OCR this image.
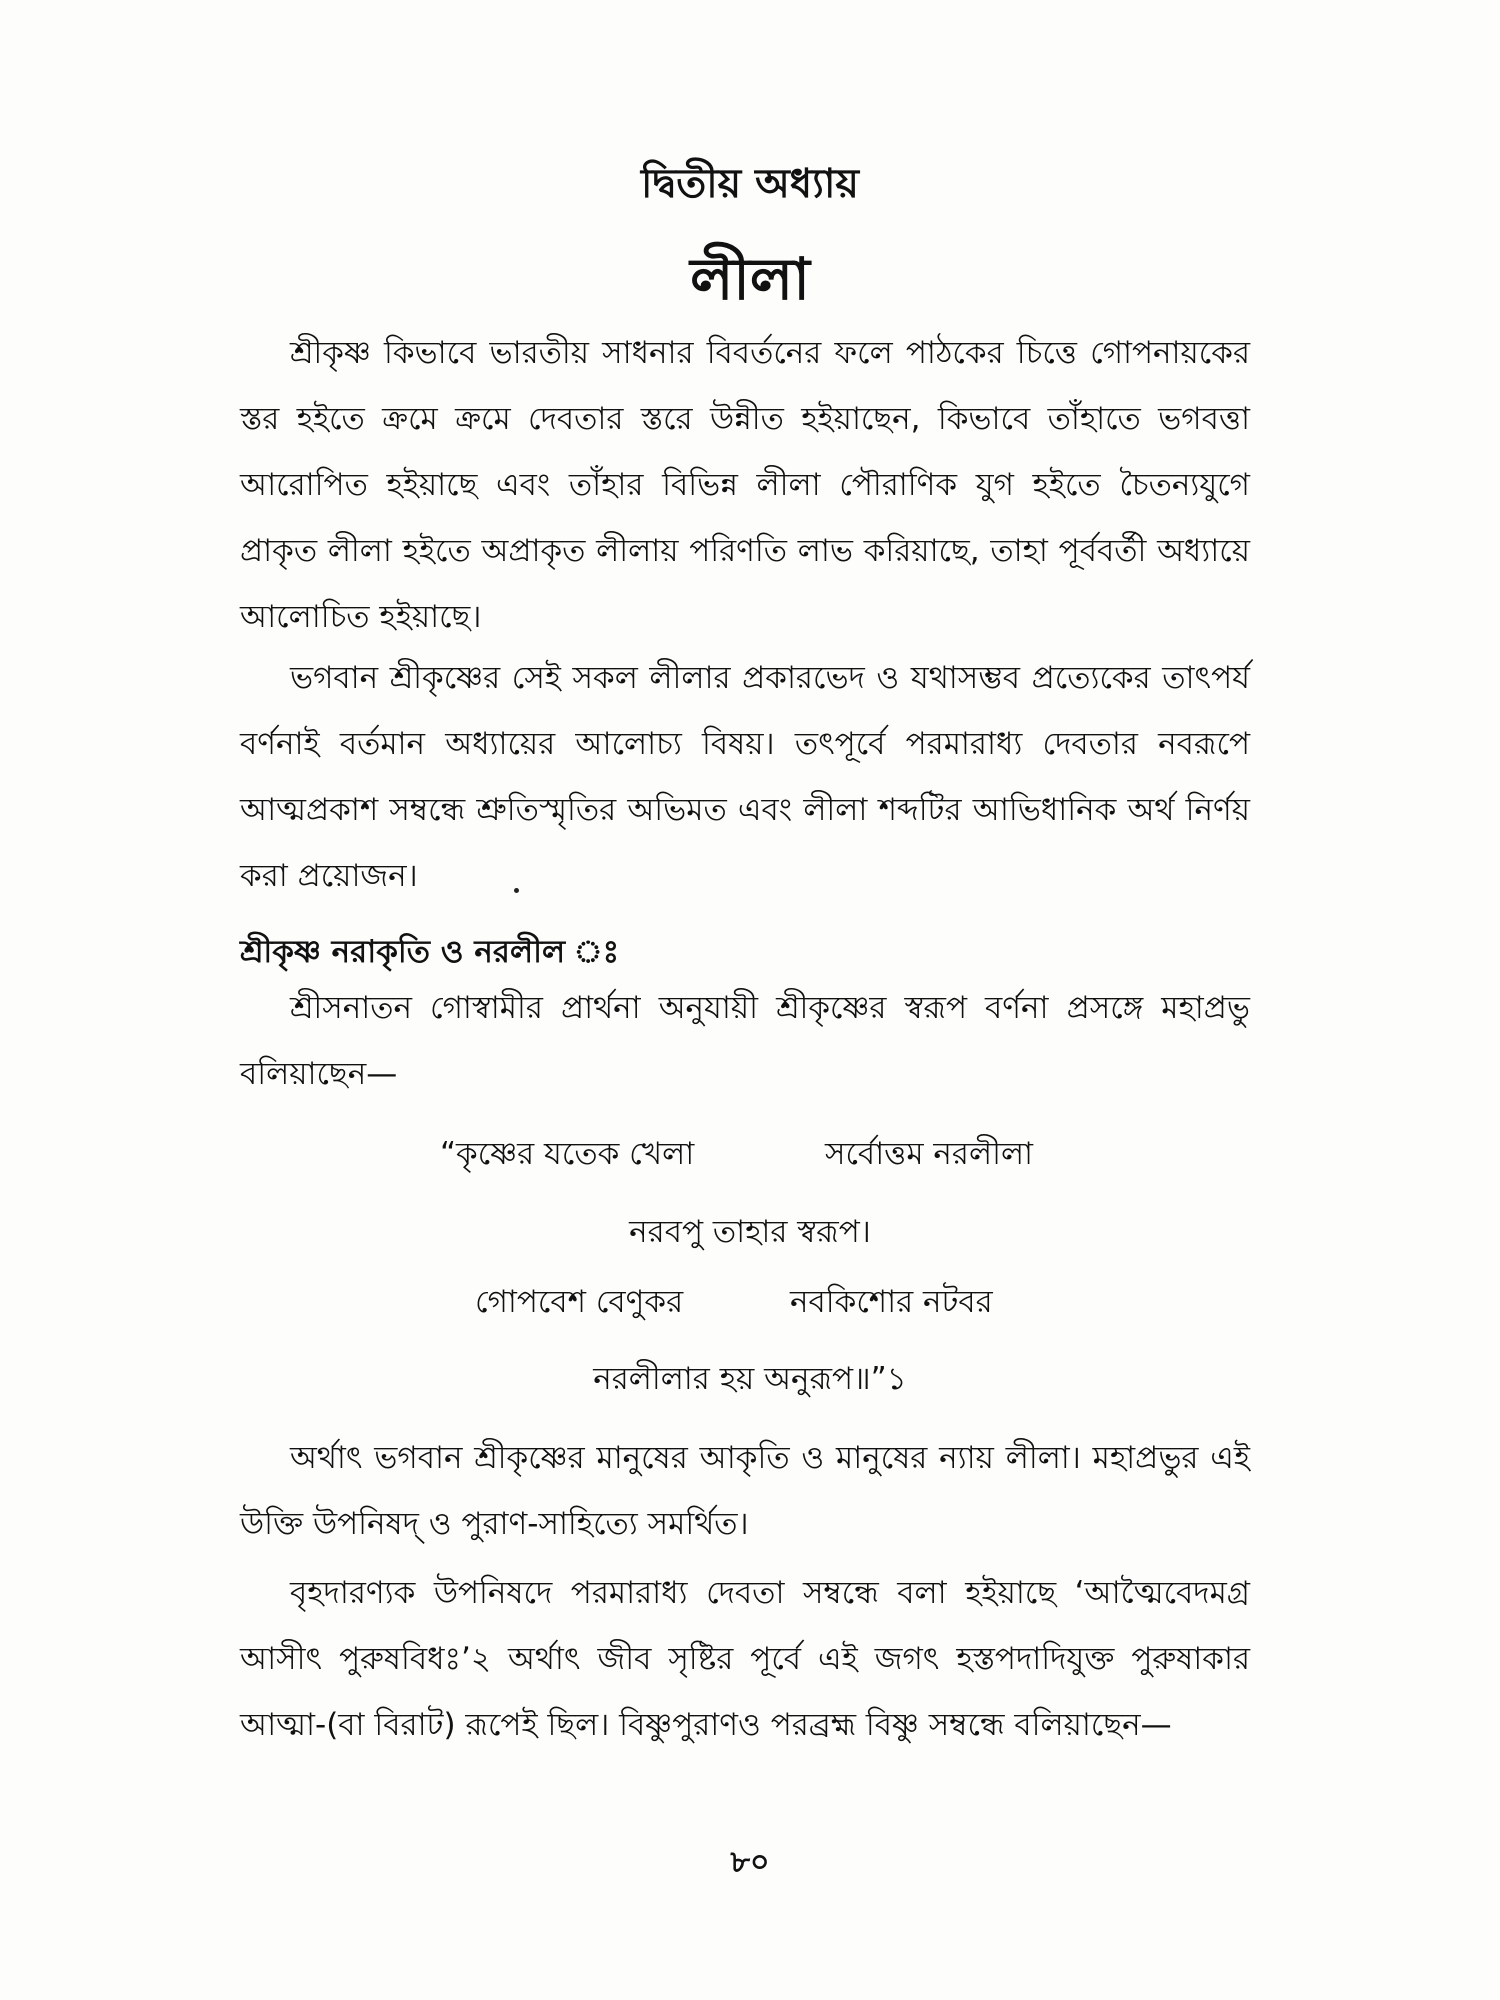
দ্বিতীয় অধ্যায়
লীলা
শ্রীকৃষ্ণ কিভাবে ভারতীয় সাধনার বিবর্তনের ফলে পাঠকের চিত্তে গোপনায়কের স্তর হইতে ক্রমে ক্রমে দেবতার স্তরে উন্নীত হইয়াছেন, কিভাবে তাঁহাতে ভগবত্তা আরোপিত হইয়াছে এবং তাঁহার বিভিন্ন লীলা পৌরাণিক যুগ হইতে চৈতন্যযুগে প্রাকৃত লীলা হইতে অপ্রাকৃত লীলায় পরিণতি লাভ করিয়াছে, তাহা পূর্ববর্তী অধ্যায়ে আলোচিত হইয়াছে।
ভগবান শ্রীকৃষ্ণের সেই সকল লীলার প্রকারভেদ ও যথাসম্ভব প্রত্যেকের তাৎপর্য বর্ণনাই বর্তমান অধ্যায়ের আলোচ্য বিষয়। তৎপূর্বে পরমারাধ্য দেবতার নবরূপে আত্মপ্রকাশ সম্বন্ধে শ্রুতিস্মৃতির অভিমত এবং লীলা শব্দটির আভিধানিক অর্থ নির্ণয় করা প্রয়োজন।
শ্রীকৃষ্ণ নরাকৃতি ও নরলীল ঃ
শ্রীসনাতন গোস্বামীর প্রার্থনা অনুযায়ী শ্রীকৃষ্ণের স্বরূপ বর্ণনা প্রসঙ্গে মহাপ্রভু বলিয়াছেন—
“কৃষ্ণের যতেক খেলা	সর্বোত্তম নরলীলা
নরবপু তাহার স্বরূপ।
গোপবেশ বেণুকর	নবকিশোর নটবর
নরলীলার হয় অনুরূপ॥”১
অর্থাৎ ভগবান শ্রীকৃষ্ণের মানুষের আকৃতি ও মানুষের ন্যায় লীলা। মহাপ্রভুর এই উক্তি উপনিষদ্ ও পুরাণ-সাহিত্যে সমর্থিত।
বৃহদারণ্যক উপনিষদে পরমারাধ্য দেবতা সম্বন্ধে বলা হইয়াছে ‘আত্মৈবেদমগ্র আসীৎ পুরুষবিধঃ’২ অর্থাৎ জীব সৃষ্টির পূর্বে এই জগৎ হস্তপদাদিযুক্ত পুরুষাকার আত্মা-(বা বিরাট) রূপেই ছিল। বিষ্ণুপুরাণও পরব্রহ্ম বিষ্ণু সম্বন্ধে বলিয়াছেন—
৮০
